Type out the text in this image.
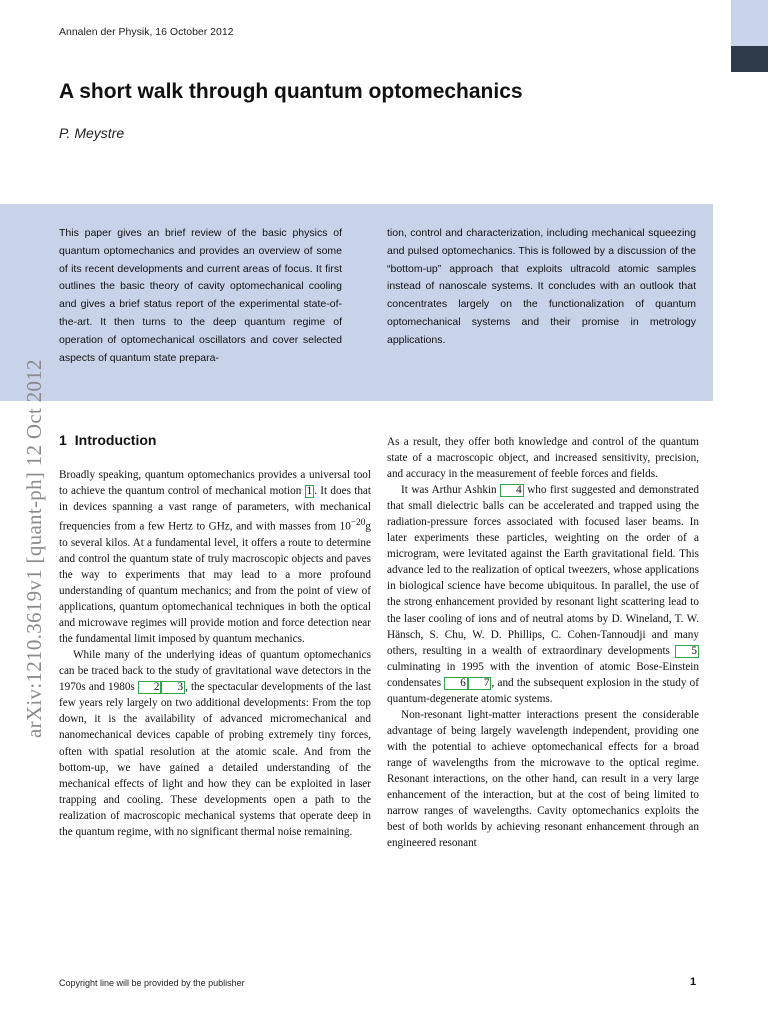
Annalen der Physik, 16 October 2012
A short walk through quantum optomechanics
P. Meystre

This paper gives an brief review of the basic physics of quantum optomechanics and provides an overview of some of its recent developments and current areas of focus. It first outlines the basic theory of cavity optomechanical cooling and gives a brief status report of the experimental state-of-the-art. It then turns to the deep quantum regime of operation of optomechanical oscillators and cover selected aspects of quantum state prepara-

tion, control and characterization, including mechanical squeezing and pulsed optomechanics. This is followed by a discussion of the “bottom-up” approach that exploits ultracold atomic samples instead of nanoscale systems. It concludes with an outlook that concentrates largely on the functionalization of quantum optomechanical systems and their promise in metrology applications.

arXiv:1210.3619v1 [quant-ph] 12 Oct 2012 1 Introduction

Broadly speaking, quantum optomechanics provides a universal tool to achieve the quantum control of mechanical motion 1 . It does that in devices spanning a vast range of parameters, with mechanical frequencies from a few Hertz to GHz, and with masses from $10^{-20}g$ to several kilos. At a fundamental level, it offers a route to determine and control the quantum state of truly macroscopic objects and paves the way to experiments that may lead to a more profound understanding of quantum mechanics; and from the point of view of applications, quantum optomechanical techniques in both the optical and microwave regimes will provide motion and force detection near the fundamental limit imposed by quantum mechanics.

While many of the underlying ideas of quantum optomechanics can be traced back to the study of gravitational wave detectors in the 1970s and 1980s 2 3 , the spectacular developments of the last few years rely largely on two additional developments: From the top down, it is the availability of advanced micromechanical and nanomechanical devices capable of probing extremely tiny forces, often with spatial resolution at the atomic scale. And from the bottom-up, we have gained a detailed understanding of the mechanical effects of light and how they can be exploited in laser trapping and cooling. These developments open a path to the realization of macroscopic mechanical systems that operate deep in the quantum regime, with no significant thermal noise remaining.

As a result, they offer both knowledge and control of the quantum state of a macroscopic object, and increased sensitivity, precision, and accuracy in the measurement of feeble forces and fields.

It was Arthur Ashkin 4 who first suggested and demonstrated that small dielectric balls can be accelerated and trapped using the radiation-pressure forces associated with focused laser beams. In later experiments these particles, weighting on the order of a microgram, were levitated against the Earth gravitational field. This advance led to the realization of optical tweezers, whose applications in biological science have become ubiquitous. In parallel, the use of the strong enhancement provided by resonant light scattering lead to the laser cooling of ions and of neutral atoms by D. Wineland, T. W. Hänsch, S. Chu, W. D. Phillips, C. Cohen-Tannoudji and many others, resulting in a wealth of extraordinary developments 5 culminating in 1995 with the invention of atomic Bose-Einstein condensates 6 7 , and the subsequent explosion in the study of quantum-degenerate atomic systems.

Non-resonant light-matter interactions present the considerable advantage of being largely wavelength independent, providing one with the potential to achieve optomechanical effects for a broad range of wavelengths from the microwave to the optical regime. Resonant interactions, on the other hand, can result in a very large enhancement of the interaction, but at the cost of being limited to narrow ranges of wavelengths. Cavity optomechanics exploits the best of both worlds by achieving resonant enhancement through an engineered resonant

Copyright line will be provided by the publisher	1
